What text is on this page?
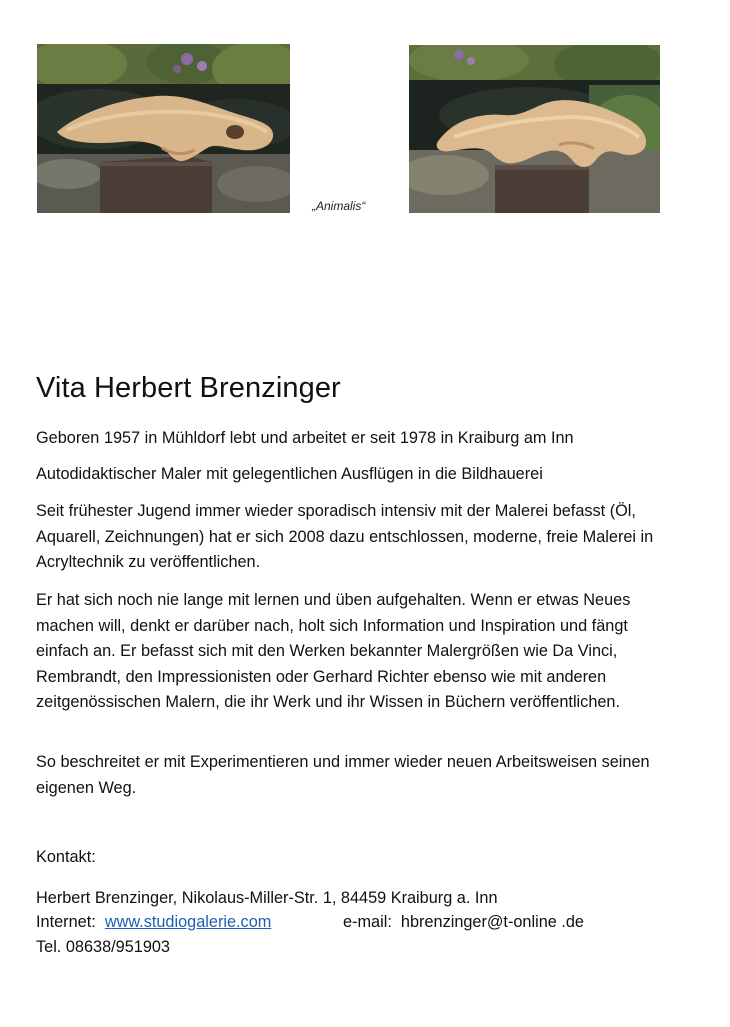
„Animalis“
Vita Herbert Brenzinger

Geboren 1957 in Mühldorf lebt und arbeitet er seit 1978 in Kraiburg am Inn

Autodidaktischer Maler mit gelegentlichen Ausflügen in die Bildhauerei

Seit frühester Jugend immer wieder sporadisch intensiv mit der Malerei befasst (Öl, Aquarell, Zeichnungen) hat er sich 2008 dazu entschlossen, moderne, freie Malerei in Acryltechnik zu veröffentlichen.

Er hat sich noch nie lange mit lernen und üben aufgehalten. Wenn er etwas Neues machen will, denkt er darüber nach, holt sich Information und Inspiration und fängt einfach an. Er befasst sich mit den Werken bekannter Malergrößen wie Da Vinci, Rembrandt, den Impressionisten oder Gerhard Richter ebenso wie mit anderen zeitgenössischen Malern, die ihr Werk und ihr Wissen in Büchern veröffentlichen.

So beschreitet er mit Experimentieren und immer wieder neuen Arbeitsweisen seinen eigenen Weg.

Kontakt:
Herbert Brenzinger, Nikolaus-Miller-Str. 1, 84459 Kraiburg a. Inn
Internet: www.studiogalerie.com	e-mail: hbrenzinger@t-online .de
Tel. 08638/951903
